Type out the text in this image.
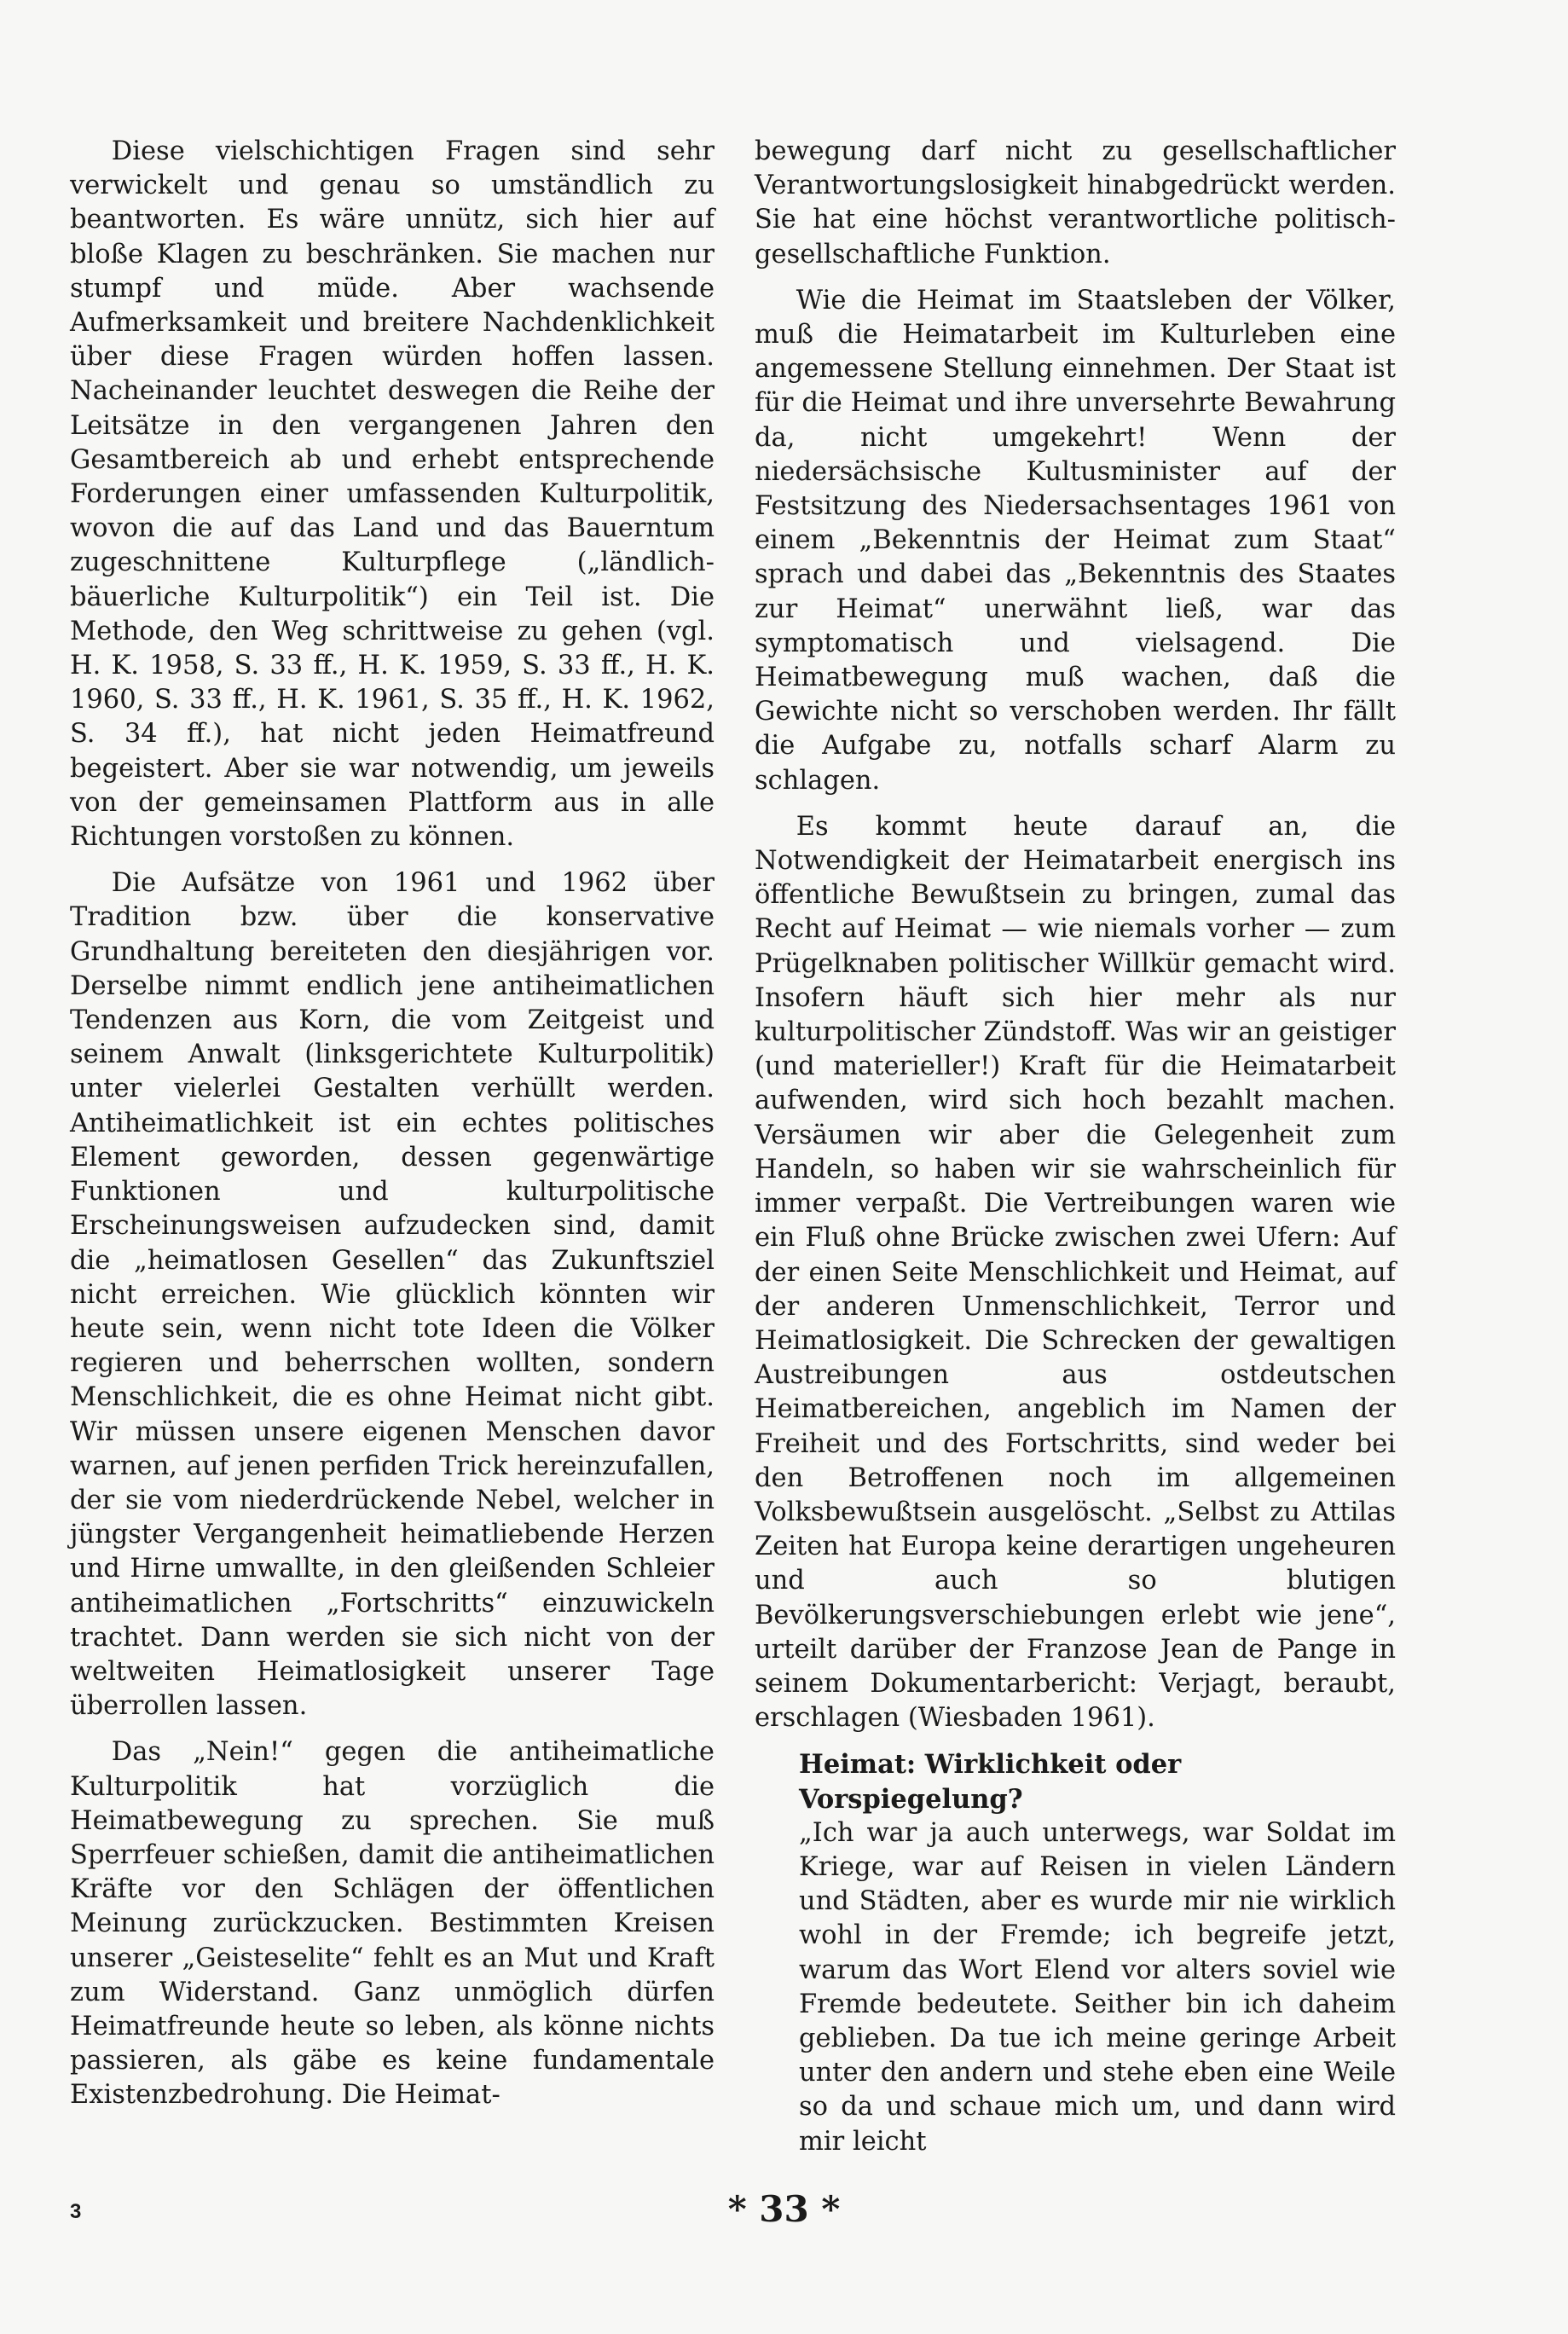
Diese vielschichtigen Fragen sind sehr verwickelt und genau so umständlich zu beantworten. Es wäre unnütz, sich hier auf bloße Klagen zu beschränken. Sie machen nur stumpf und müde. Aber wachsende Aufmerksamkeit und breitere Nachdenklichkeit über diese Fragen würden hoffen lassen. Nacheinander leuchtet deswegen die Reihe der Leitsätze in den vergangenen Jahren den Gesamtbereich ab und erhebt entsprechende Forderungen einer umfassenden Kulturpolitik, wovon die auf das Land und das Bauerntum zugeschnittene Kulturpflege („ländlich-bäuerliche Kulturpolitik“) ein Teil ist. Die Methode, den Weg schrittweise zu gehen (vgl. H. K. 1958, S. 33 ff., H. K. 1959, S. 33 ff., H. K. 1960, S. 33 ff., H. K. 1961, S. 35 ff., H. K. 1962, S. 34 ff.), hat nicht jeden Heimatfreund begeistert. Aber sie war notwendig, um jeweils von der gemeinsamen Plattform aus in alle Richtungen vorstoßen zu können.

Die Aufsätze von 1961 und 1962 über Tradition bzw. über die konservative Grundhaltung bereiteten den diesjährigen vor. Derselbe nimmt endlich jene antiheimatlichen Tendenzen aus Korn, die vom Zeitgeist und seinem Anwalt (linksgerichtete Kulturpolitik) unter vielerlei Gestalten verhüllt werden. Antiheimatlichkeit ist ein echtes politisches Element geworden, dessen gegenwärtige Funktionen und kulturpolitische Erscheinungsweisen aufzudecken sind, damit die „heimatlosen Gesellen“ das Zukunftsziel nicht erreichen. Wie glücklich könnten wir heute sein, wenn nicht tote Ideen die Völker regieren und beherrschen wollten, sondern Menschlichkeit, die es ohne Heimat nicht gibt. Wir müssen unsere eigenen Menschen davor warnen, auf jenen perfiden Trick hereinzufallen, der sie vom niederdrückende Nebel, welcher in jüngster Vergangenheit heimatliebende Herzen und Hirne umwallte, in den gleißenden Schleier antiheimatlichen „Fortschritts“ einzuwickeln trachtet. Dann werden sie sich nicht von der weltweiten Heimatlosigkeit unserer Tage überrollen lassen.

Das „Nein!“ gegen die antiheimatliche Kulturpolitik hat vorzüglich die Heimatbewegung zu sprechen. Sie muß Sperrfeuer schießen, damit die antiheimatlichen Kräfte vor den Schlägen der öffentlichen Meinung zurückzucken. Bestimmten Kreisen unserer „Geisteselite“ fehlt es an Mut und Kraft zum Widerstand. Ganz unmöglich dürfen Heimatfreunde heute so leben, als könne nichts passieren, als gäbe es keine fundamentale Existenzbedrohung. Die Heimat-

bewegung darf nicht zu gesellschaftlicher Verantwortungslosigkeit hinabgedrückt werden. Sie hat eine höchst verantwortliche politisch-gesellschaftliche Funktion.

Wie die Heimat im Staatsleben der Völker, muß die Heimatarbeit im Kulturleben eine angemessene Stellung einnehmen. Der Staat ist für die Heimat und ihre unversehrte Bewahrung da, nicht umgekehrt! Wenn der niedersächsische Kultusminister auf der Festsitzung des Niedersachsentages 1961 von einem „Bekenntnis der Heimat zum Staat“ sprach und dabei das „Bekenntnis des Staates zur Heimat“ unerwähnt ließ, war das symptomatisch und vielsagend. Die Heimatbewegung muß wachen, daß die Gewichte nicht so verschoben werden. Ihr fällt die Aufgabe zu, notfalls scharf Alarm zu schlagen.

Es kommt heute darauf an, die Notwendigkeit der Heimatarbeit energisch ins öffentliche Bewußtsein zu bringen, zumal das Recht auf Heimat — wie niemals vorher — zum Prügelknaben politischer Willkür gemacht wird. Insofern häuft sich hier mehr als nur kulturpolitischer Zündstoff. Was wir an geistiger (und materieller!) Kraft für die Heimatarbeit aufwenden, wird sich hoch bezahlt machen. Versäumen wir aber die Gelegenheit zum Handeln, so haben wir sie wahrscheinlich für immer verpaßt. Die Vertreibungen waren wie ein Fluß ohne Brücke zwischen zwei Ufern: Auf der einen Seite Menschlichkeit und Heimat, auf der anderen Unmenschlichkeit, Terror und Heimatlosigkeit. Die Schrecken der gewaltigen Austreibungen aus ostdeutschen Heimatbereichen, angeblich im Namen der Freiheit und des Fortschritts, sind weder bei den Betroffenen noch im allgemeinen Volksbewußtsein ausgelöscht. „Selbst zu Attilas Zeiten hat Europa keine derartigen ungeheuren und auch so blutigen Bevölkerungsverschiebungen erlebt wie jene“, urteilt darüber der Franzose Jean de Pange in seinem Dokumentarbericht: Verjagt, beraubt, erschlagen (Wiesbaden 1961).

Heimat: Wirklichkeit oder Vorspiegelung?

„Ich war ja auch unterwegs, war Soldat im Kriege, war auf Reisen in vielen Ländern und Städten, aber es wurde mir nie wirklich wohl in der Fremde; ich begreife jetzt, warum das Wort Elend vor alters soviel wie Fremde bedeutete. Seither bin ich daheim geblieben. Da tue ich meine geringe Arbeit unter den andern und stehe eben eine Weile so da und schaue mich um, und dann wird mir leicht

3	* 33 *
